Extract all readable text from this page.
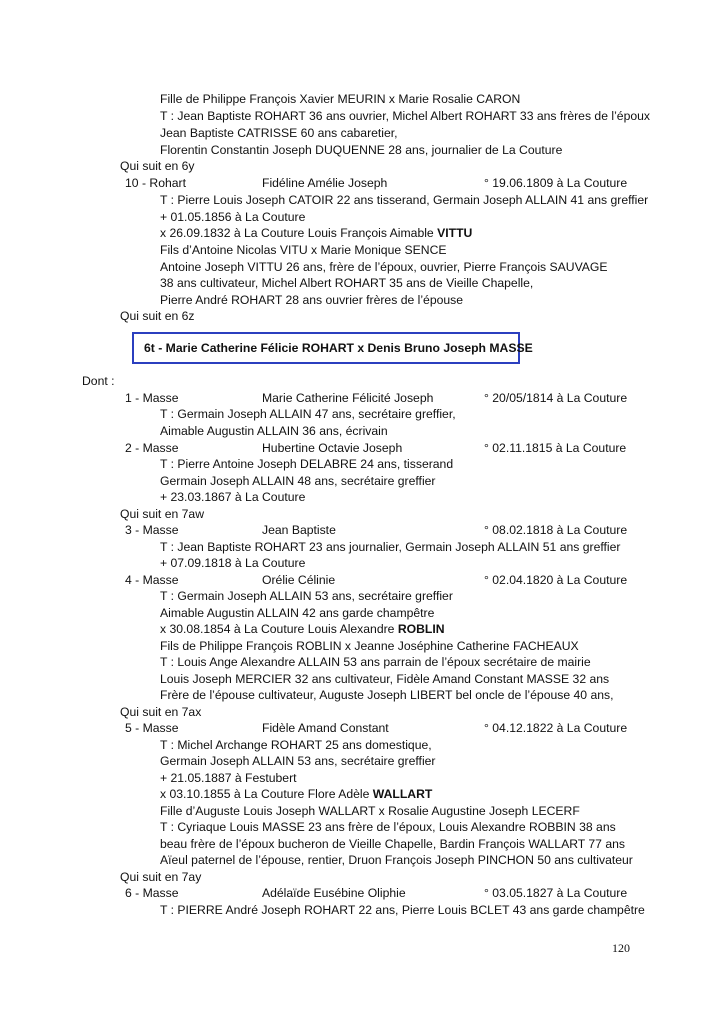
Fille de Philippe François Xavier MEURIN x Marie Rosalie CARON
T : Jean Baptiste ROHART 36 ans ouvrier, Michel Albert ROHART 33 ans frères de l’époux
Jean Baptiste CATRISSE 60 ans cabaretier,
Florentin Constantin Joseph DUQUENNE 28 ans, journalier de La Couture
Qui suit en 6y
10 - Rohart	Fidéline Amélie Joseph	° 19.06.1809 à La Couture
T : Pierre Louis Joseph CATOIR 22 ans tisserand, Germain Joseph ALLAIN 41 ans greffier
+ 01.05.1856 à La Couture
x 26.09.1832 à La Couture Louis François Aimable VITTU
Fils d’Antoine Nicolas VITU x Marie Monique SENCE
Antoine Joseph VITTU 26 ans, frère de l’époux, ouvrier, Pierre François SAUVAGE
38 ans cultivateur, Michel Albert ROHART 35 ans de Vieille Chapelle,
Pierre André ROHART 28 ans ouvrier frères de l’épouse
Qui suit en 6z
6t - Marie Catherine Félicie ROHART x Denis Bruno Joseph MASSE
Dont :
1 - Masse	Marie Catherine Félicité Joseph	° 20/05/1814 à La Couture
T : Germain Joseph ALLAIN 47 ans, secrétaire greffier,
Aimable Augustin ALLAIN 36 ans, écrivain
2 - Masse	Hubertine Octavie Joseph	° 02.11.1815 à La Couture
T : Pierre Antoine Joseph DELABRE 24 ans, tisserand
Germain Joseph ALLAIN 48 ans, secrétaire greffier
+ 23.03.1867 à La Couture
Qui suit en 7aw
3 - Masse	Jean Baptiste	° 08.02.1818 à La Couture
T : Jean Baptiste ROHART 23 ans journalier, Germain Joseph ALLAIN 51 ans greffier
+ 07.09.1818 à La Couture
4 - Masse	Orélie Célinie	° 02.04.1820 à La Couture
T : Germain Joseph ALLAIN 53 ans, secrétaire greffier
Aimable Augustin ALLAIN 42 ans garde champêtre
x 30.08.1854 à La Couture Louis Alexandre ROBLIN
Fils de Philippe François ROBLIN x Jeanne Joséphine Catherine FACHEAUX
T : Louis Ange Alexandre ALLAIN 53 ans parrain de l’époux secrétaire de mairie
Louis Joseph MERCIER 32 ans cultivateur, Fidèle Amand Constant MASSE 32 ans
Frère de l’épouse cultivateur, Auguste Joseph LIBERT bel oncle de l’épouse 40 ans,
Qui suit en 7ax
5 - Masse	Fidèle Amand Constant	° 04.12.1822 à La Couture
T : Michel Archange ROHART 25 ans domestique,
Germain Joseph ALLAIN 53 ans, secrétaire greffier
+ 21.05.1887 à Festubert
x 03.10.1855 à La Couture Flore Adèle WALLART
Fille d’Auguste Louis Joseph WALLART x Rosalie Augustine Joseph LECERF
T : Cyriaque Louis MASSE 23 ans frère de l’époux, Louis Alexandre ROBBIN 38 ans
beau frère de l’époux bucheron de Vieille Chapelle, Bardin François WALLART 77 ans
Aïeul paternel de l’épouse, rentier, Druon François Joseph PINCHON 50 ans cultivateur
Qui suit en 7ay
6 - Masse	Adélaïde Eusébine Oliphie	° 03.05.1827 à La Couture
T : PIERRE André Joseph ROHART 22 ans, Pierre Louis BCLET 43 ans garde champêtre
120
